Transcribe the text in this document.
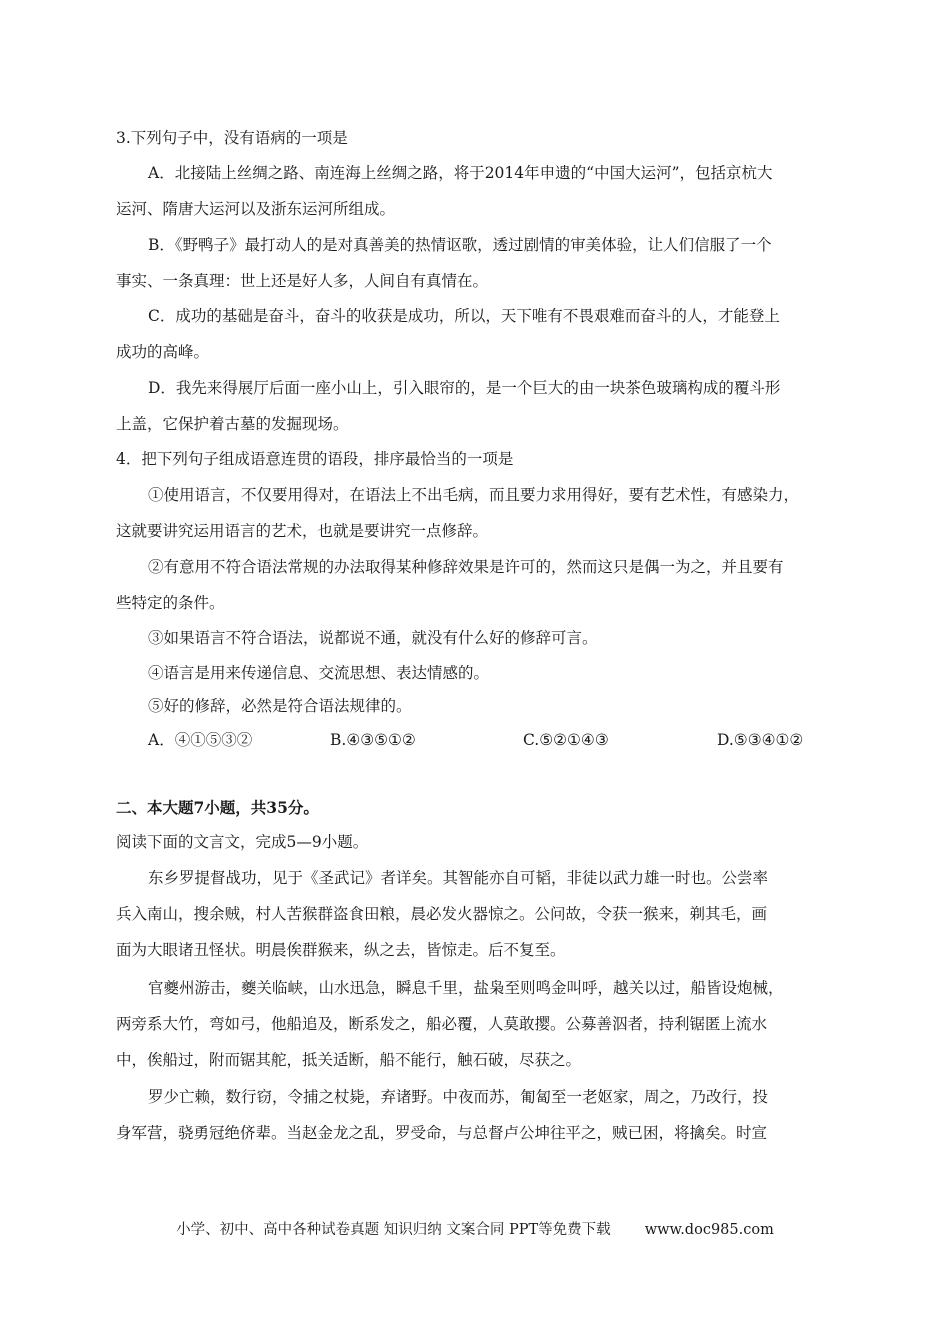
3.下列句子中，没有语病的一项是
A．北接陆上丝绸之路、南连海上丝绸之路，将于2014年申遗的“中国大运河”，包括京杭大
运河、隋唐大运河以及浙东运河所组成。
B．《野鸭子》最打动人的是对真善美的热情讴歌，透过剧情的审美体验，让人们信服了一个
事实、一条真理：世上还是好人多，人间自有真情在。
C．成功的基础是奋斗，奋斗的收获是成功，所以，天下唯有不畏艰难而奋斗的人，才能登上
成功的高峰。
D．我先来得展厅后面一座小山上，引入眼帘的，是一个巨大的由一块茶色玻璃构成的覆斗形
上盖，它保护着古墓的发掘现场。
4．把下列句子组成语意连贯的语段，排序最恰当的一项是
①使用语言，不仅要用得对，在语法上不出毛病，而且要力求用得好，要有艺术性，有感染力，
这就要讲究运用语言的艺术，也就是要讲究一点修辞。
②有意用不符合语法常规的办法取得某种修辞效果是许可的，然而这只是偶一为之，并且要有
些特定的条件。
③如果语言不符合语法，说都说不通，就没有什么好的修辞可言。
④语言是用来传递信息、交流思想、表达情感的。
⑤好的修辞，必然是符合语法规律的。
A．④①⑤③②	B.④③⑤①②	C.⑤②①④③	D.⑤③④①②
二、本大题7小题，共35分。
阅读下面的文言文，完成5—9小题。
东乡罗提督战功，见于《圣武记》者详矣。其智能亦自可韬，非徒以武力雄一时也。公尝率
兵入南山，搜余贼，村人苦猴群盗食田粮，晨必发火器惊之。公问故，令获一猴来，剃其毛，画
面为大眼诸丑怪状。明晨俟群猴来，纵之去，皆惊走。后不复至。
官夔州游击，夔关临峡，山水迅急，瞬息千里，盐枭至则鸣金叫呼，越关以过，船皆设炮械，
两旁系大竹，弯如弓，他船追及，断系发之，船必覆，人莫敢撄。公募善泅者，持利锯匿上流水
中，俟船过，附而锯其舵，抵关适断，船不能行，触石破，尽获之。
罗少亡赖，数行窃，令捕之杖毙，弃诸野。中夜而苏，匍匐至一老妪家，周之，乃改行，投
身军营，骁勇冠绝侪辈。当赵金龙之乱，罗受命，与总督卢公坤往平之，贼已困，将擒矣。时宣
小学、初中、高中各种试卷真题 知识归纳 文案合同 PPT等免费下载 www.doc985.com
